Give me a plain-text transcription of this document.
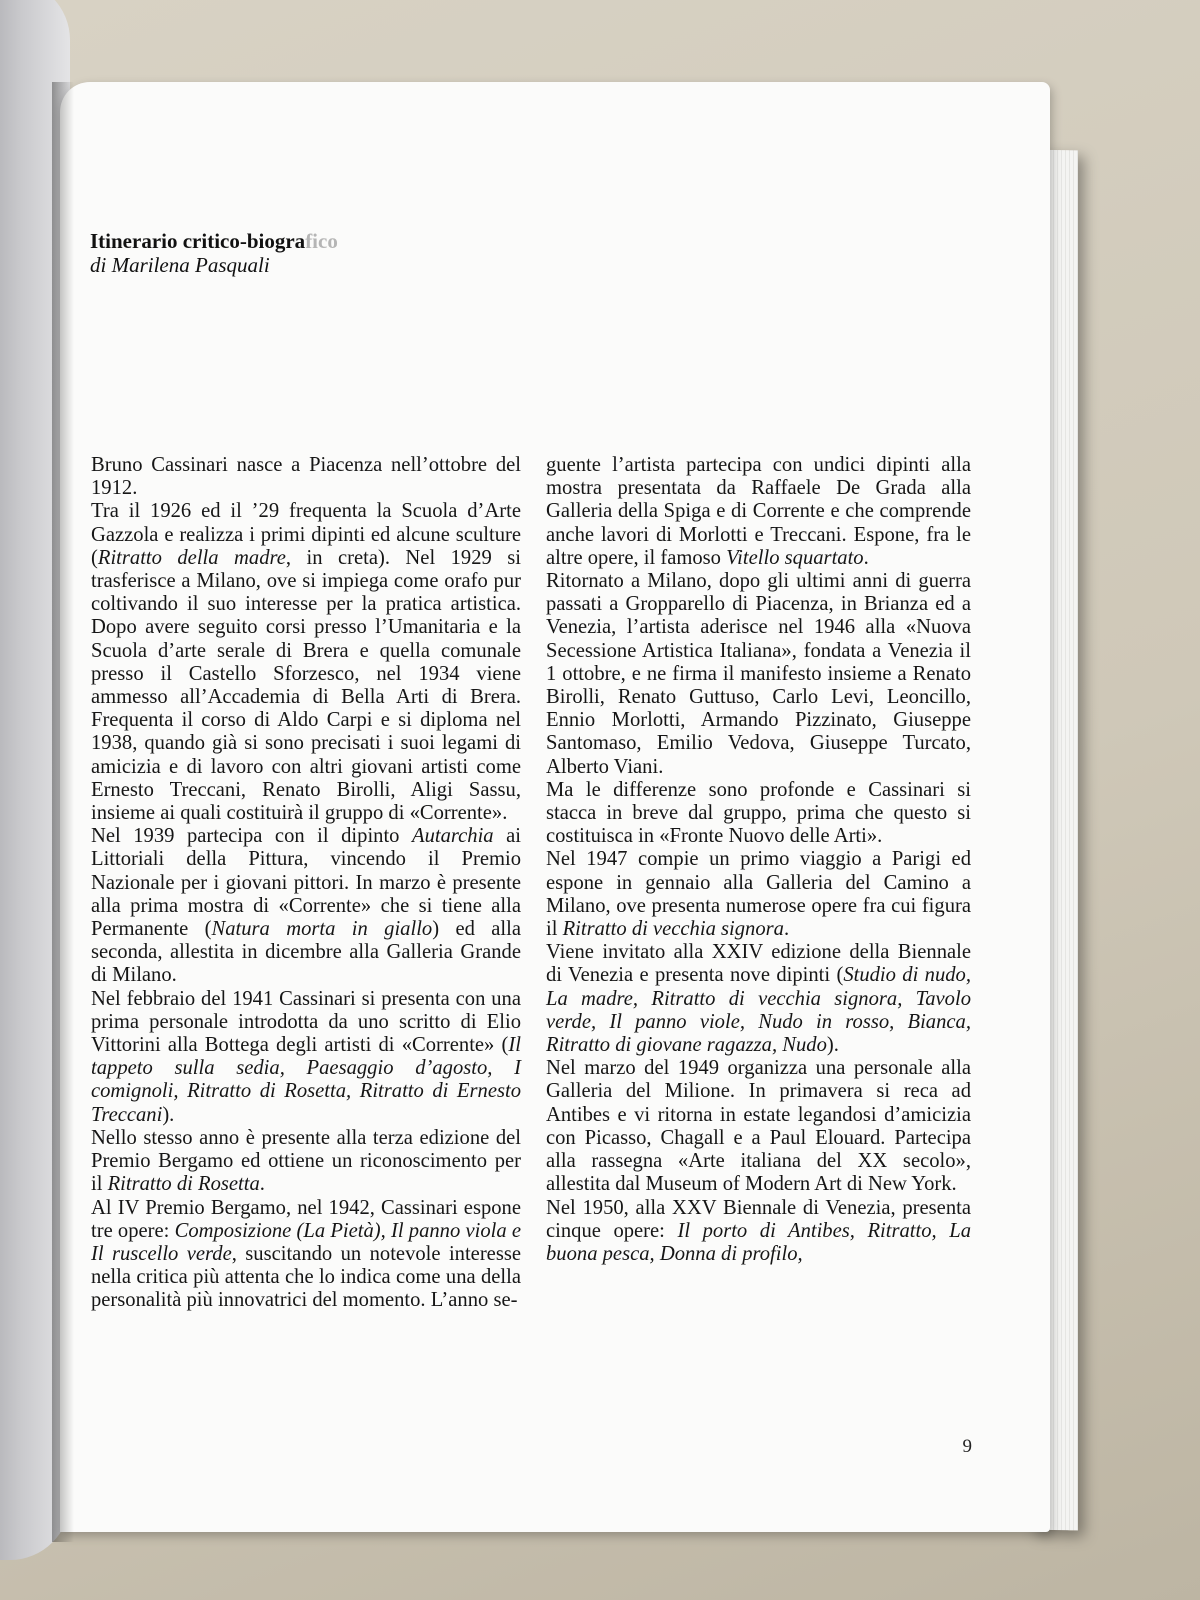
Itinerario critico-biografico
di Marilena Pasquali

Bruno Cassinari nasce a Piacenza nell’ottobre del 1912.

Tra il 1926 ed il ’29 frequenta la Scuola d’Arte Gazzola e realizza i primi dipinti ed alcune sculture (Ritratto della madre, in creta). Nel 1929 si trasferisce a Milano, ove si impiega come orafo pur coltivando il suo interesse per la pratica artistica. Dopo avere seguito corsi presso l’Umanitaria e la Scuola d’arte serale di Brera e quella comunale presso il Castello Sforzesco, nel 1934 viene ammesso all’Accademia di Bella Arti di Brera. Frequenta il corso di Aldo Carpi e si diploma nel 1938, quando già si sono precisati i suoi legami di amicizia e di lavoro con altri giovani artisti come Ernesto Treccani, Renato Birolli, Aligi Sassu, insieme ai quali costituirà il gruppo di «Corrente».

Nel 1939 partecipa con il dipinto Autarchia ai Littoriali della Pittura, vincendo il Premio Nazionale per i giovani pittori. In marzo è presente alla prima mostra di «Corrente» che si tiene alla Permanente (Natura morta in giallo) ed alla seconda, allestita in dicembre alla Galleria Grande di Milano.

Nel febbraio del 1941 Cassinari si presenta con una prima personale introdotta da uno scritto di Elio Vittorini alla Bottega degli artisti di «Corrente» (Il tappeto sulla sedia, Paesaggio d’agosto, I comignoli, Ritratto di Rosetta, Ritratto di Ernesto Treccani).

Nello stesso anno è presente alla terza edizione del Premio Bergamo ed ottiene un riconoscimento per il Ritratto di Rosetta.

Al IV Premio Bergamo, nel 1942, Cassinari espone tre opere: Composizione (La Pietà), Il panno viola e Il ruscello verde, suscitando un notevole interesse nella critica più attenta che lo indica come una della personalità più innovatrici del momento. L’anno se-

guente l’artista partecipa con undici dipinti alla mostra presentata da Raffaele De Grada alla Galleria della Spiga e di Corrente e che comprende anche lavori di Morlotti e Treccani. Espone, fra le altre opere, il famoso Vitello squartato.

Ritornato a Milano, dopo gli ultimi anni di guerra passati a Gropparello di Piacenza, in Brianza ed a Venezia, l’artista aderisce nel 1946 alla «Nuova Secessione Artistica Italiana», fondata a Venezia il 1 ottobre, e ne firma il manifesto insieme a Renato Birolli, Renato Guttuso, Carlo Levi, Leoncillo, Ennio Morlotti, Armando Pizzinato, Giuseppe Santomaso, Emilio Vedova, Giuseppe Turcato, Alberto Viani.

Ma le differenze sono profonde e Cassinari si stacca in breve dal gruppo, prima che questo si costituisca in «Fronte Nuovo delle Arti».

Nel 1947 compie un primo viaggio a Parigi ed espone in gennaio alla Galleria del Camino a Milano, ove presenta numerose opere fra cui figura il Ritratto di vecchia signora.

Viene invitato alla XXIV edizione della Biennale di Venezia e presenta nove dipinti (Studio di nudo, La madre, Ritratto di vecchia signora, Tavolo verde, Il panno viole, Nudo in rosso, Bianca, Ritratto di giovane ragazza, Nudo).

Nel marzo del 1949 organizza una personale alla Galleria del Milione. In primavera si reca ad Antibes e vi ritorna in estate legandosi d’amicizia con Picasso, Chagall e a Paul Elouard. Partecipa alla rassegna «Arte italiana del XX secolo», allestita dal Museum of Modern Art di New York.

Nel 1950, alla XXV Biennale di Venezia, presenta cinque opere: Il porto di Antibes, Ritratto, La buona pesca, Donna di profilo,

9
